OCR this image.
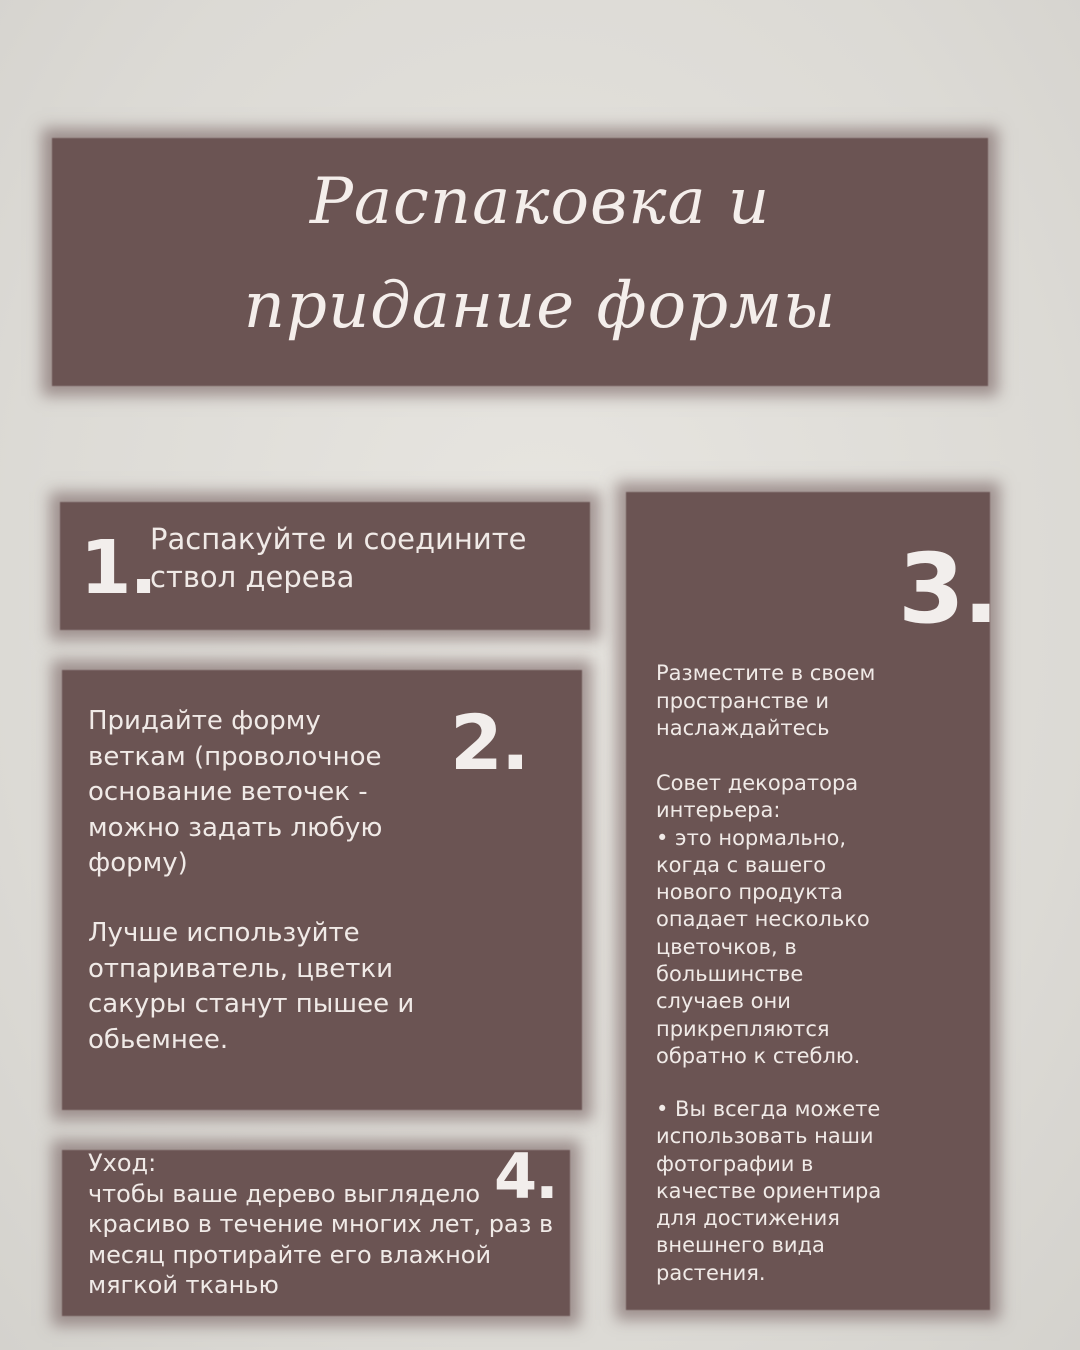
Распаковка и
придание формы
1.
Распакуйте и соедините
ствол дерева
2.
Придайте форму
веткам (проволочное
основание веточек -
можно задать любую
форму)
Лучше используйте
отпариватель, цветки
сакуры станут пышее и
обьемнее.
3.
Разместите в своем
пространстве и
наслаждайтесь
Совет декоратора
интерьера:
• это нормально,
когда с вашего
нового продукта
опадает несколько
цветочков, в
большинстве
случаев они
прикрепляются
обратно к стеблю.
• Вы всегда можете
использовать наши
фотографии в
качестве ориентира
для достижения
внешнего вида
растения.
4.
Уход:
чтобы ваше дерево выглядело
красиво в течение многих лет, раз в
месяц протирайте его влажной
мягкой тканью
